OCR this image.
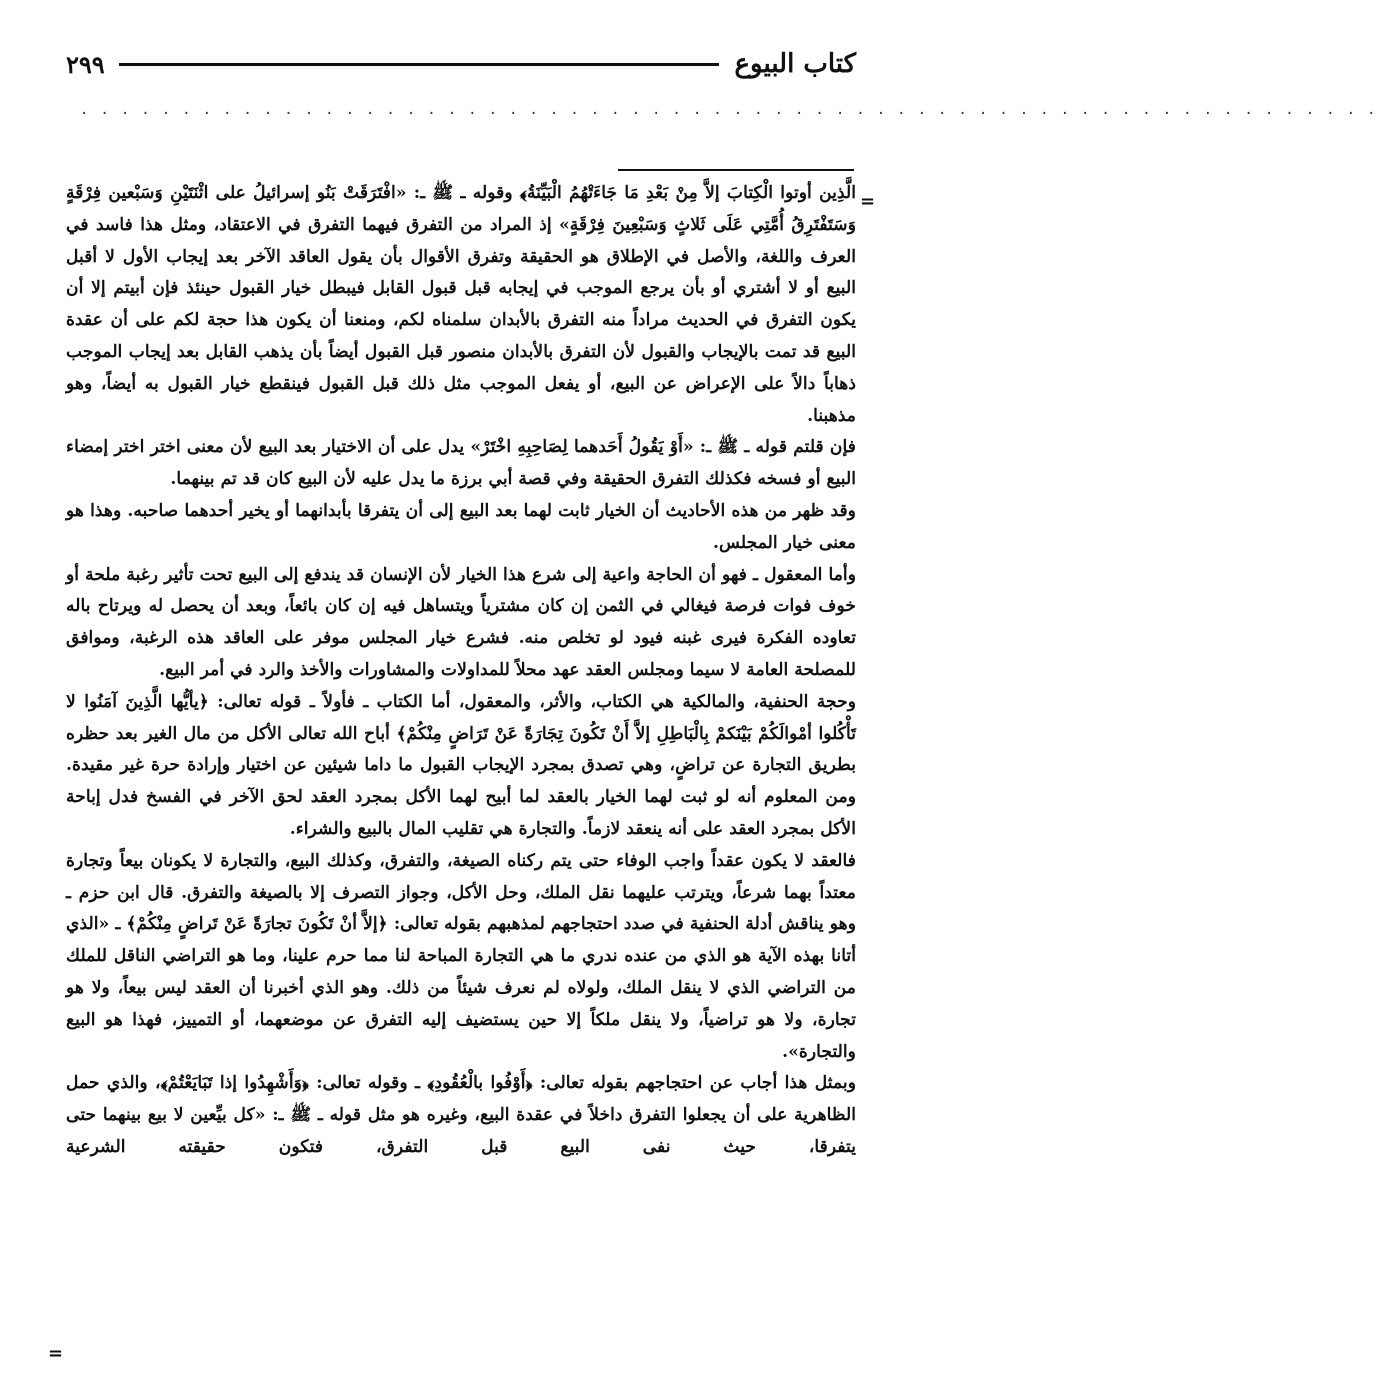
كتاب البيوع
٢٩٩
................................................................
=

الَّذِين أوتوا الْكِتابَ إلاَّ مِنْ بَعْدِ مَا جَاءَتْهُمُ الْبَيِّنَةُ﴾ وقوله ـ ﷺ ـ: «افْتَرَقَتْ بَنُو إسرائيلُ على اثْنَتَيْنِ وَسَبْعين فِرْقَةٍ وَسَتَفْتَرِقُ أُمَّتِي عَلَى ثَلاثٍ وَسَبْعِينَ فِرْقَةٍ» إذ المراد من التفرق فيهما التفرق في الاعتقاد، ومثل هذا فاسد في العرف واللغة، والأصل في الإطلاق هو الحقيقة وتفرق الأقوال بأن يقول العاقد الآخر بعد إيجاب الأول لا أقبل البيع أو لا أشتري أو بأن يرجع الموجب في إيجابه قبل قبول القابل فيبطل خيار القبول حينئذ فإن أبيتم إلا أن يكون التفرق في الحديث مراداً منه التفرق بالأبدان سلمناه لكم، ومنعنا أن يكون هذا حجة لكم على أن عقدة البيع قد تمت بالإيجاب والقبول لأن التفرق بالأبدان منصور قبل القبول أيضاً بأن يذهب القابل بعد إيجاب الموجب ذهاباً دالاً على الإعراض عن البيع، أو يفعل الموجب مثل ذلك قبل القبول فينقطع خيار القبول به أيضاً، وهو مذهبنا.

فإن قلتم قوله ـ ﷺ ـ: «أَوْ يَقُولُ أَحَدهما لِصَاحِبِهِ اخْتَرْ» يدل على أن الاختيار بعد البيع لأن معنى اختر اختر إمضاء البيع أو فسخه فكذلك التفرق الحقيقة وفي قصة أبي برزة ما يدل عليه لأن البيع كان قد تم بينهما.

وقد ظهر من هذه الأحاديث أن الخيار ثابت لهما بعد البيع إلى أن يتفرقا بأبدانهما أو يخير أحدهما صاحبه. وهذا هو معنى خيار المجلس.

وأما المعقول ـ فهو أن الحاجة واعية إلى شرع هذا الخيار لأن الإنسان قد يندفع إلى البيع تحت تأثير رغبة ملحة أو خوف فوات فرصة فيغالي في الثمن إن كان مشترياً ويتساهل فيه إن كان بائعاً، وبعد أن يحصل له ويرتاح باله تعاوده الفكرة فيرى غبنه فيود لو تخلص منه. فشرع خيار المجلس موفر على العاقد هذه الرغبة، وموافق للمصلحة العامة لا سيما ومجلس العقد عهد محلاً للمداولات والمشاورات والأخذ والرد في أمر البيع.

وحجة الحنفية، والمالكية هي الكتاب، والأثر، والمعقول، أما الكتاب ـ فأولاً ـ قوله تعالى: ﴿يأيُّها الَّذِينَ آمَنُوا لا تَأْكُلوا أمْوالَكُمْ بَيْنَكمْ بِالْبَاطِلِ إلاَّ أَنْ تَكُونَ تِجَارَةً عَنْ تَرَاضٍ مِنْكُمْ﴾ أباح الله تعالى الأكل من مال الغير بعد حظره بطريق التجارة عن تراضٍ، وهي تصدق بمجرد الإيجاب القبول ما داما شيئين عن اختيار وإرادة حرة غير مقيدة. ومن المعلوم أنه لو ثبت لهما الخيار بالعقد لما أبيح لهما الأكل بمجرد العقد لحق الآخر في الفسخ فدل إباحة الأكل بمجرد العقد على أنه ينعقد لازماً. والتجارة هي تقليب المال بالبيع والشراء.

فالعقد لا يكون عقداً واجب الوفاء حتى يتم ركناه الصيغة، والتفرق، وكذلك البيع، والتجارة لا يكونان بيعاً وتجارة معتداً بهما شرعاً، ويترتب عليهما نقل الملك، وحل الأكل، وجواز التصرف إلا بالصيغة والتفرق. قال ابن حزم ـ وهو يناقش أدلة الحنفية في صدد احتجاجهم لمذهبهم بقوله تعالى: ﴿إلاَّ أنْ تَكُونَ تجارَةً عَنْ تَراضٍ مِنْكُمْ﴾ ـ «الذي أتانا بهذه الآية هو الذي من عنده ندري ما هي التجارة المباحة لنا مما حرم علينا، وما هو التراضي الناقل للملك من التراضي الذي لا ينقل الملك، ولولاه لم نعرف شيئاً من ذلك. وهو الذي أخبرنا أن العقد ليس بيعاً، ولا هو تجارة، ولا هو تراضياً، ولا ينقل ملكاً إلا حين يستضيف إليه التفرق عن موضعهما، أو التمييز، فهذا هو البيع والتجارة».

وبمثل هذا أجاب عن احتجاجهم بقوله تعالى: ﴿أَوْفُوا بالْعُقُودِ﴾ ـ وقوله تعالى: ﴿وَأَشْهِدُوا إذا تَبَايَعْتُمْ﴾، والذي حمل الظاهرية على أن يجعلوا التفرق داخلاً في عقدة البيع، وغيره هو مثل قوله ـ ﷺ ـ: «كل بيِّعين لا بيع بينهما حتى يتفرقا، حيث نفى البيع قبل التفرق، فتكون حقيقته الشرعية

=
